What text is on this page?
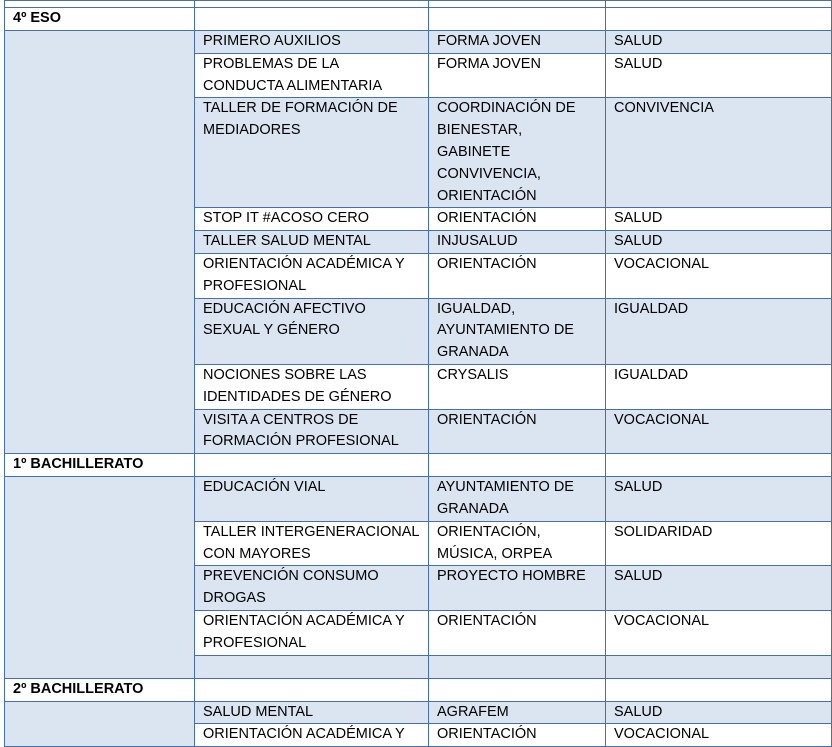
4º ESO			
	PRIMERO AUXILIOS	FORMA JOVEN	SALUD
	PROBLEMAS DE LA CONDUCTA ALIMENTARIA	FORMA JOVEN	SALUD
	TALLER DE FORMACIÓN DE MEDIADORES	COORDINACIÓN DE BIENESTAR, GABINETE CONVIVENCIA, ORIENTACIÓN	CONVIVENCIA
	STOP IT #ACOSO CERO	ORIENTACIÓN	SALUD
	TALLER SALUD MENTAL	INJUSALUD	SALUD
	ORIENTACIÓN ACADÉMICA Y PROFESIONAL	ORIENTACIÓN	VOCACIONAL
	EDUCACIÓN AFECTIVO SEXUAL Y GÉNERO	IGUALDAD, AYUNTAMIENTO DE GRANADA	IGUALDAD
	NOCIONES SOBRE LAS IDENTIDADES DE GÉNERO	CRYSALIS	IGUALDAD
	VISITA A CENTROS DE FORMACIÓN PROFESIONAL	ORIENTACIÓN	VOCACIONAL
1º BACHILLERATO			
	EDUCACIÓN VIAL	AYUNTAMIENTO DE GRANADA	SALUD
	TALLER INTERGENERACIONAL CON MAYORES	ORIENTACIÓN, MÚSICA, ORPEA	SOLIDARIDAD
	PREVENCIÓN CONSUMO DROGAS	PROYECTO HOMBRE	SALUD
	ORIENTACIÓN ACADÉMICA Y PROFESIONAL	ORIENTACIÓN	VOCACIONAL

2º BACHILLERATO			
	SALUD MENTAL	AGRAFEM	SALUD
	ORIENTACIÓN ACADÉMICA Y	ORIENTACIÓN	VOCACIONAL
